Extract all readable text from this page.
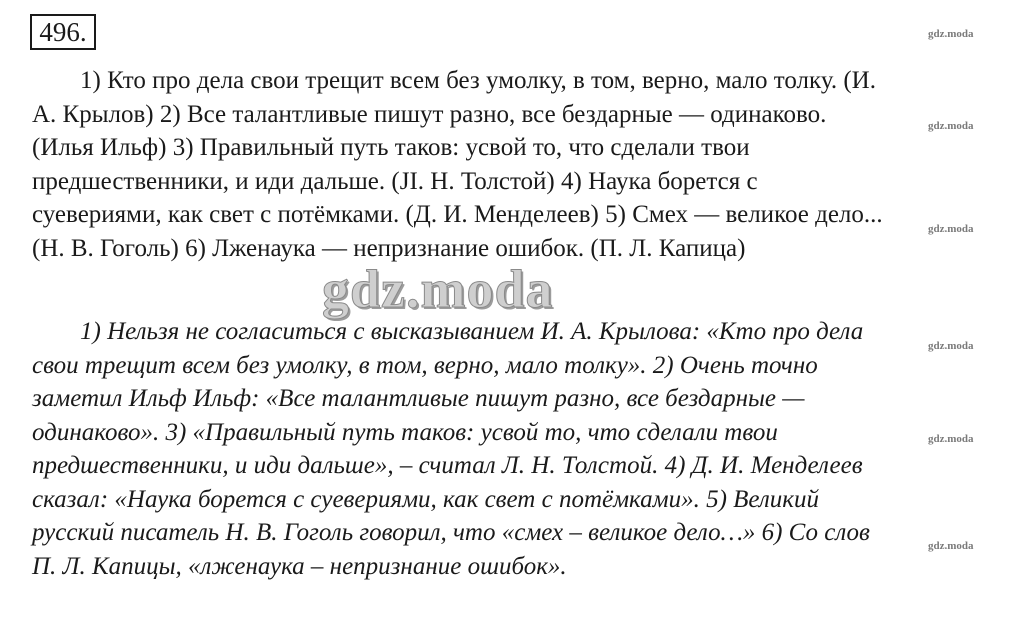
496.	gdz.moda
gdz.moda
gdz.moda
gdz.moda
gdz.moda
gdz.moda
1) Кто про дела свои трещит всем без умолку, в том, верно, мало толку. (И.
А. Крылов) 2) Все талантливые пишут разно, все бездарные — одинаково.
(Илья Ильф) 3) Правильный путь таков: усвой то, что сделали твои
предшественники, и иди дальше. (JI. Н. Толстой) 4) Наука борется с
суевериями, как свет с потёмками. (Д. И. Менделеев) 5) Смех — великое дело...
(Н. В. Гоголь) 6) Лженаука — непризнание ошибок. (П. Л. Капица)
gdz.moda
1) Нельзя не согласиться с высказыванием И. А. Крылова: «Кто про дела
свои трещит всем без умолку, в том, верно, мало толку». 2) Очень точно
заметил Ильф Ильф: «Все талантливые пишут разно, все бездарные —
одинаково». 3) «Правильный путь таков: усвой то, что сделали твои
предшественники, и иди дальше», – считал Л. Н. Толстой. 4) Д. И. Менделеев
сказал: «Наука борется с суевериями, как свет с потёмками». 5) Великий
русский писатель Н. В. Гоголь говорил, что «смех – великое дело…» 6) Со слов
П. Л. Капицы, «лженаука – непризнание ошибок».
